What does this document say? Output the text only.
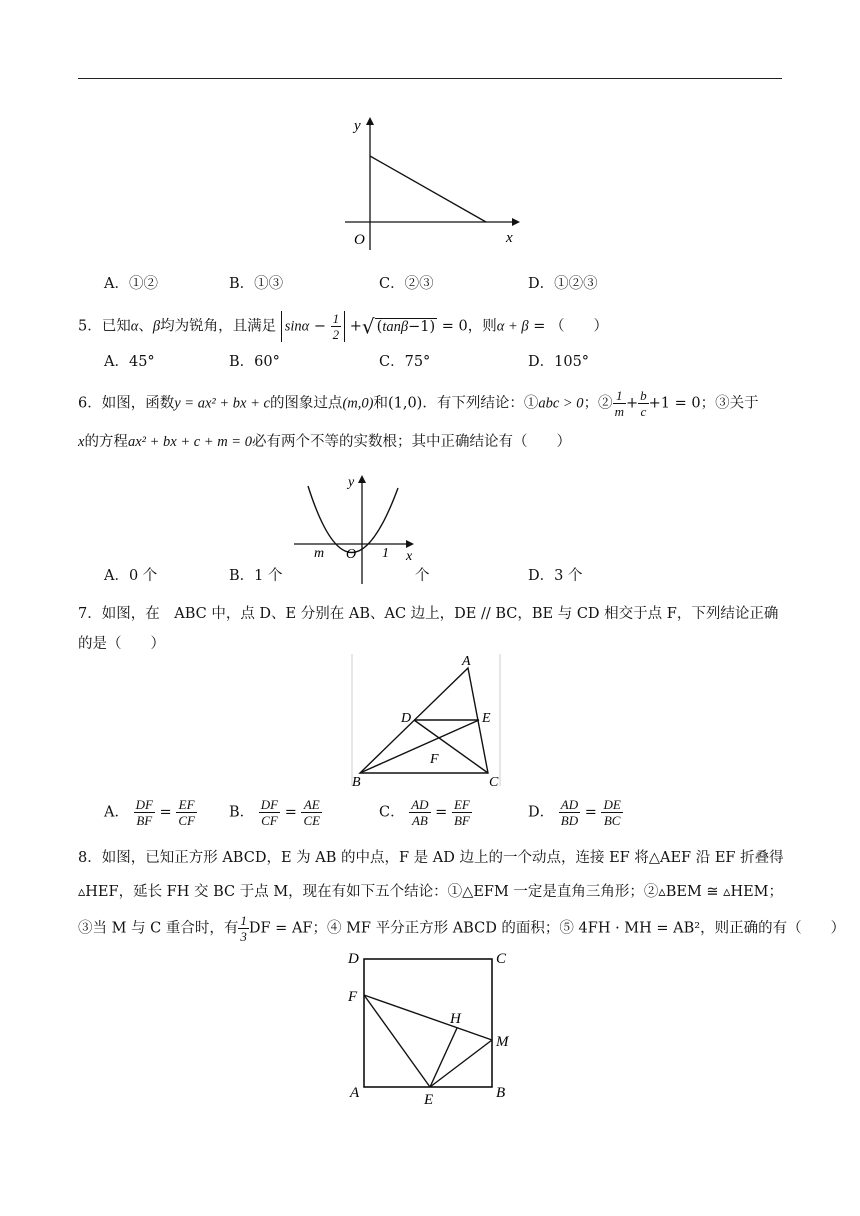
y
x
O
A．①②	B．①③	C．②③	D．①②③
5．已知α、β均为锐角，且满足 $\sin\alpha - \frac{1}{2}$ +√ (tanβ−1) = 0，则α + β = （　　）
A．45°	B．60°	C．75°	D．105°
6．如图，函数y = ax² + bx + c的图象过点(m,0)和(1,0)．有下列结论：①abc > 0；② $\frac{1}{m} + \frac{b}{c} +1 = 0$；③关于
x的方程ax² + bx + c + m = 0必有两个不等的实数根；其中正确结论有（　　）
y
x
O
m	1
A．0 个	B．1 个	个	D．3 个
7．如图，在　ABC 中，点 D、E 分别在 AB、AC 边上，DE // BC，BE 与 CD 相交于点 F，下列结论正确
的是（　　）
A
B	C
D	E
F
A． $\frac{DF}{BF} = \frac{EF}{CF}$ B． $\frac{DF}{CF} = \frac{AE}{CE}$	C． $\frac{AD}{AB} = \frac{EF}{BF}$	D． $\frac{AD}{BD} = \frac{DE}{BC}$
8．如图，已知正方形 ABCD，E 为 AB 的中点，F 是 AD 边上的一个动点，连接 EF 将△AEF 沿 EF 折叠得
▵HEF，延长 FH 交 BC 于点 M，现在有如下五个结论：①△EFM 一定是直角三角形；②▵BEM ≅ ▵HEM；
③当 M 与 C 重合时，有 $\frac{1}{3}$ DF = AF；④ MF 平分正方形 ABCD 的面积；⑤ 4FH · MH = AB²，则正确的有（　　）
D	C
F
H
M
A	E	B
